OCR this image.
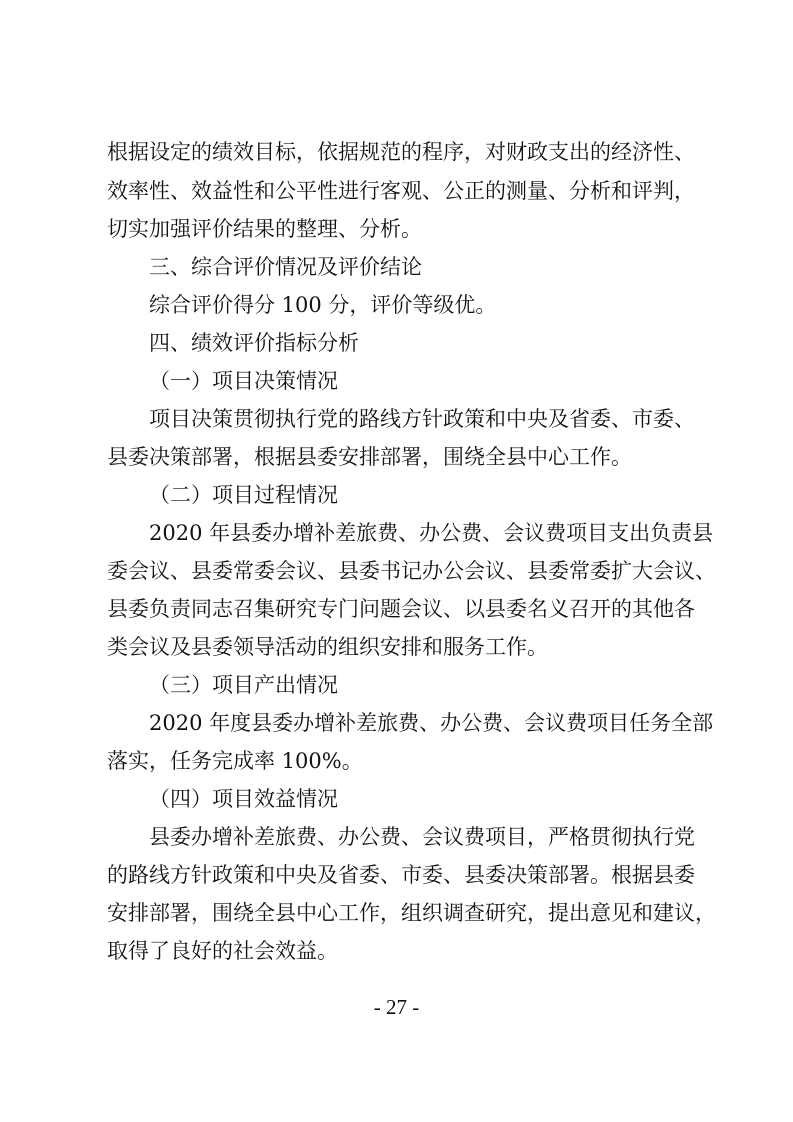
根据设定的绩效目标，依据规范的程序，对财政支出的经济性、
效率性、效益性和公平性进行客观、公正的测量、分析和评判，
切实加强评价结果的整理、分析。
三、综合评价情况及评价结论
综合评价得分 100 分，评价等级优。
四、绩效评价指标分析
（一）项目决策情况
项目决策贯彻执行党的路线方针政策和中央及省委、市委、
县委决策部署，根据县委安排部署，围绕全县中心工作。
（二）项目过程情况
2020 年县委办增补差旅费、办公费、会议费项目支出负责县
委会议、县委常委会议、县委书记办公会议、县委常委扩大会议、
县委负责同志召集研究专门问题会议、以县委名义召开的其他各
类会议及县委领导活动的组织安排和服务工作。
（三）项目产出情况
2020 年度县委办增补差旅费、办公费、会议费项目任务全部
落实，任务完成率 100%。
（四）项目效益情况
县委办增补差旅费、办公费、会议费项目，严格贯彻执行党
的路线方针政策和中央及省委、市委、县委决策部署。根据县委
安排部署，围绕全县中心工作，组织调查研究，提出意见和建议，
取得了良好的社会效益。
- 27 -
